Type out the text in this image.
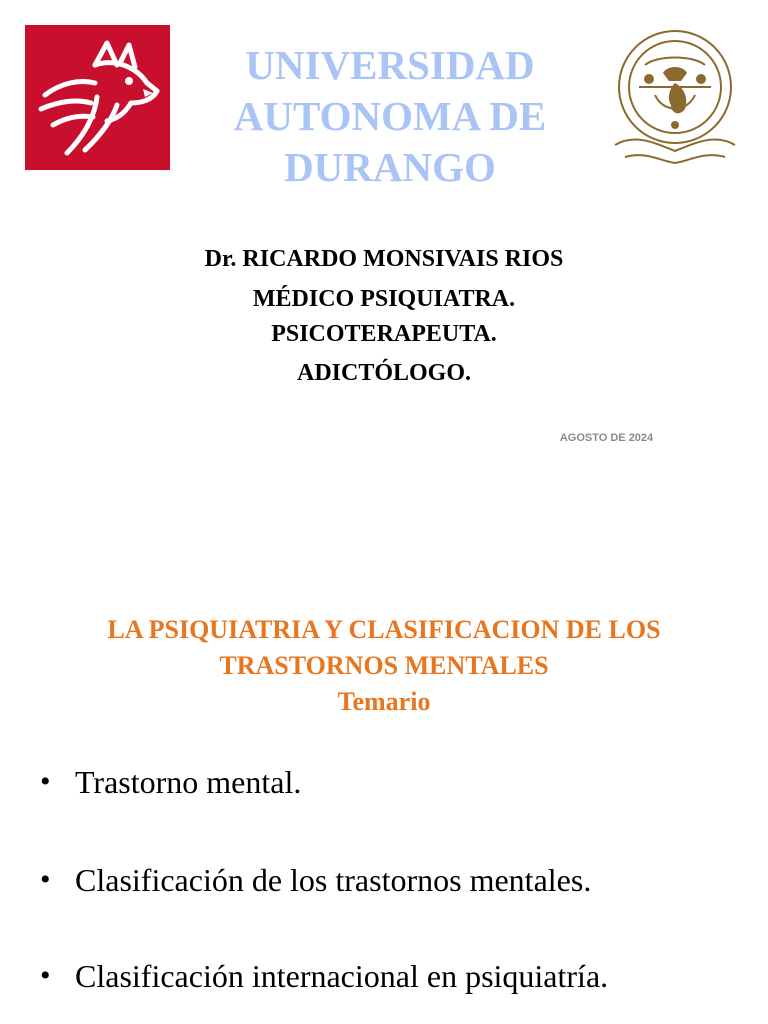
UNIVERSIDAD
AUTONOMA DE
DURANGO
Dr. RICARDO MONSIVAIS RIOS
MÉDICO PSIQUIATRA.
PSICOTERAPEUTA.
ADICTÓLOGO.
AGOSTO DE 2024
LA PSIQUIATRIA Y CLASIFICACION DE LOS
TRASTORNOS MENTALES
Temario
• Trastorno mental.
• Clasificación de los trastornos mentales.
• Clasificación internacional en psiquiatría.
